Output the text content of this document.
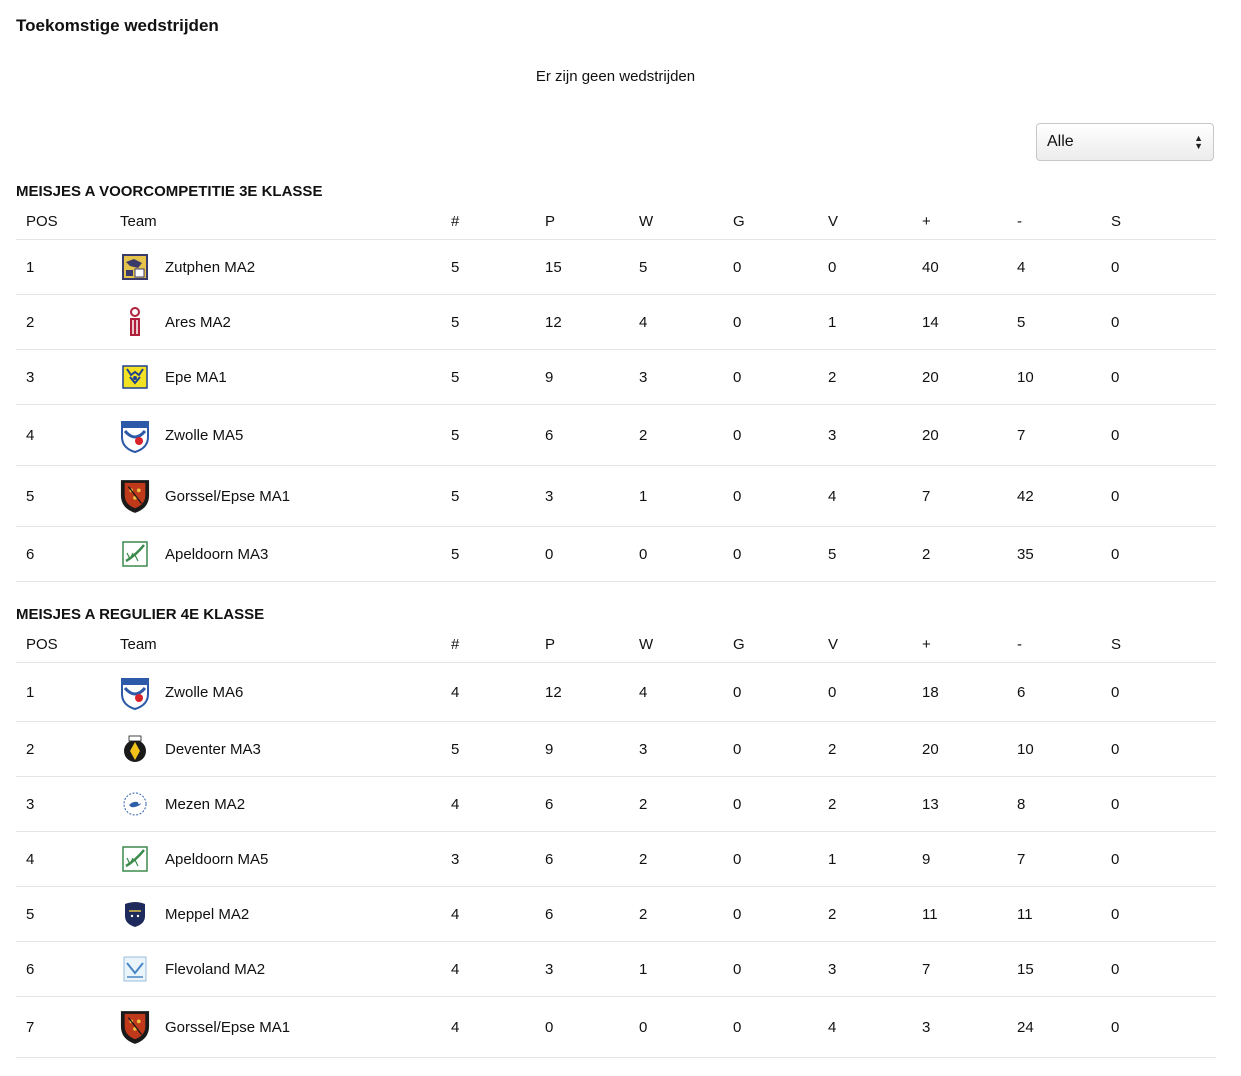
Toekomstige wedstrijden
Er zijn geen wedstrijden
Alle	▲
▼
MEISJES A VOORCOMPETITIE 3E KLASSE
POS	Team	#	P	W	G	V	+	-	S
1	Zutphen MA2	5	15	5	0	0	40	4	0
2	Ares MA2	5	12	4	0	1	14	5	0
3	Epe MA1	5	9	3	0	2	20	10	0
4	Zwolle MA5	5	6	2	0	3	20	7	0
5	Gorssel/Epse MA1	5	3	1	0	4	7	42	0
6	Apeldoorn MA3	5	0	0	0	5	2	35	0
MEISJES A REGULIER 4E KLASSE
POS	Team	#	P	W	G	V	+	-	S
1	Zwolle MA6	4	12	4	0	0	18	6	0
2	Deventer MA3	5	9	3	0	2	20	10	0
3	Mezen MA2	4	6	2	0	2	13	8	0
4	Apeldoorn MA5	3	6	2	0	1	9	7	0
5	Meppel MA2	4	6	2	0	2	11	11	0
6	Flevoland MA2	4	3	1	0	3	7	15	0
7	Gorssel/Epse MA1	4	0	0	0	4	3	24	0
